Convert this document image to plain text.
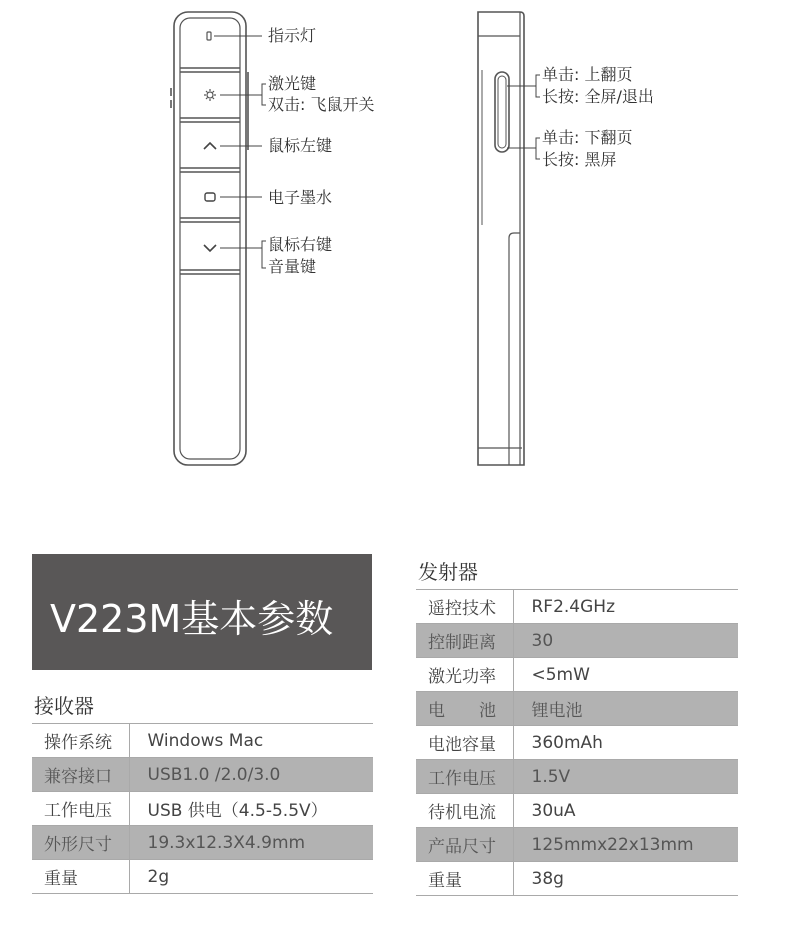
指示灯
激光键
双击: 飞鼠开关
鼠标左键
电子墨水
鼠标右键
音量键
单击: 上翻页
长按: 全屏/退出
单击: 下翻页
长按: 黑屏
V223M基本参数
接收器
操作系统	Windows Mac
兼容接口	USB1.0 /2.0/3.0
工作电压	USB 供电（4.5-5.5V）
外形尺寸	19.3x12.3X4.9mm
重量	2g
发射器
遥控技术	RF2.4GHz
控制距离	30
激光功率	<5mW
电　　池	锂电池
电池容量	360mAh
工作电压	1.5V
待机电流	30uA
产品尺寸	125mmx22x13mm
重量	38g
